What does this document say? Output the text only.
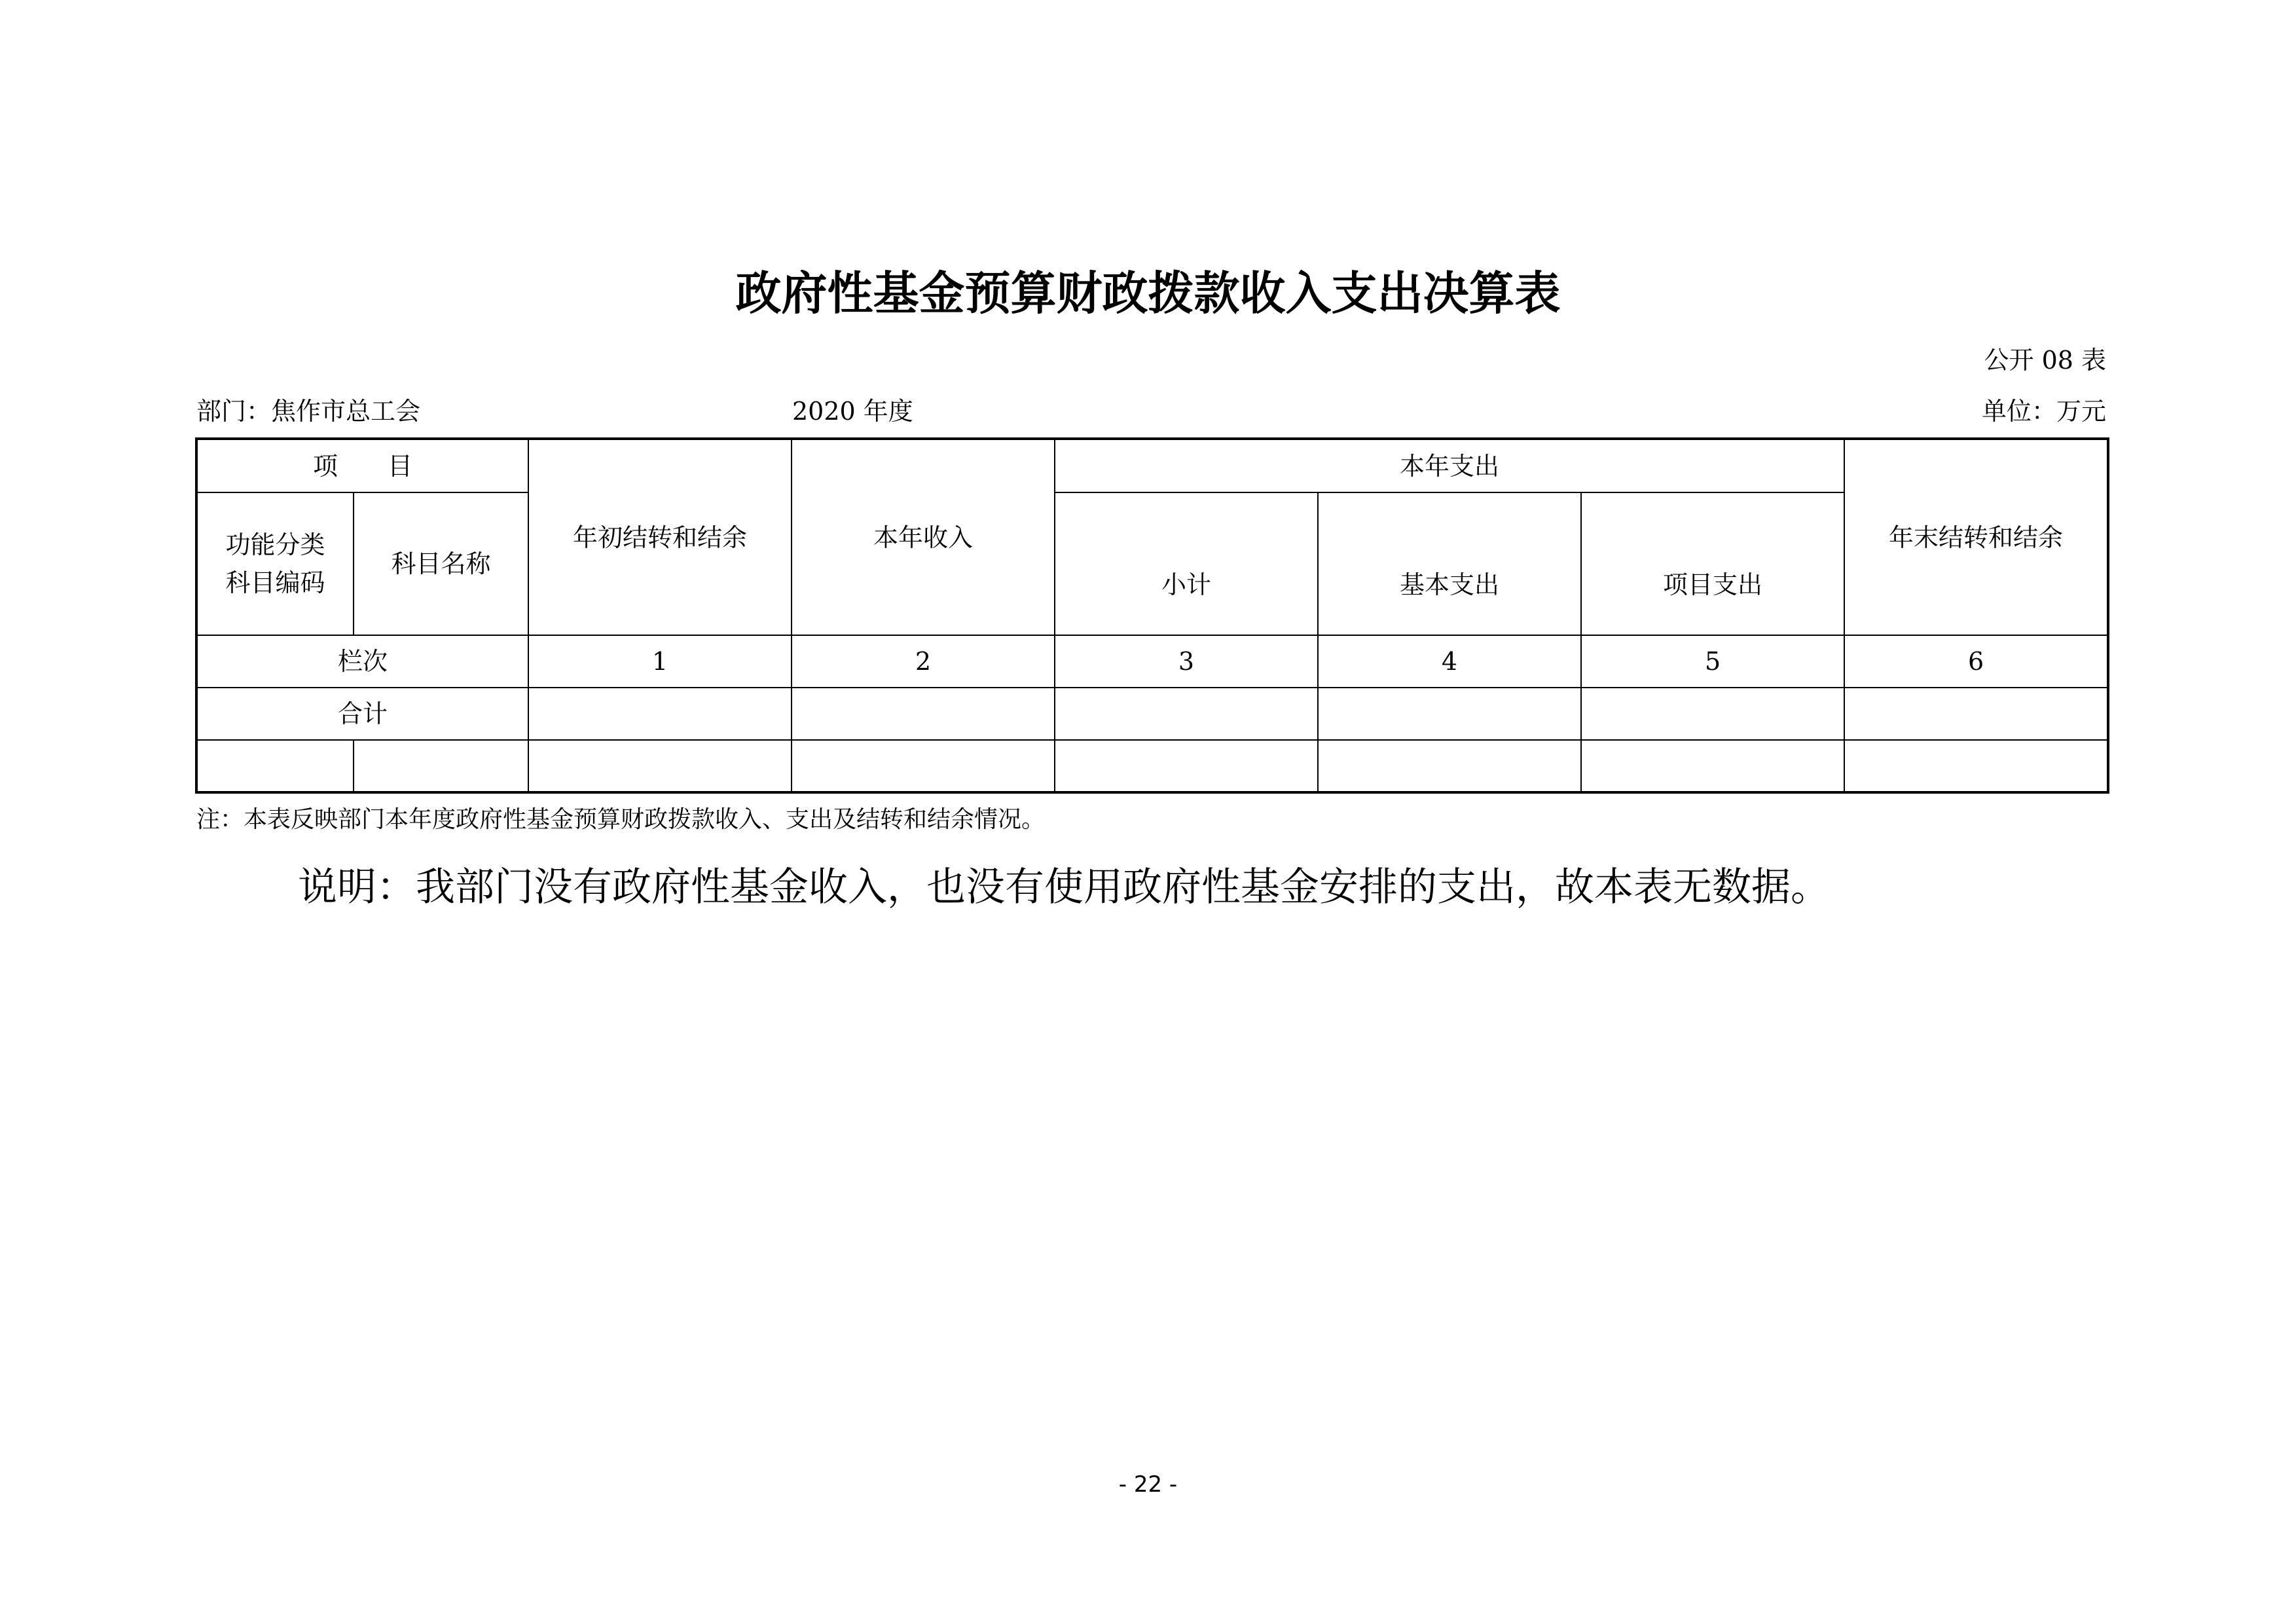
政府性基金预算财政拨款收入支出决算表
公开 08 表
部门：焦作市总工会	2020 年度	单位：万元
项　　目		年初结转和结余	本年收入	本年支出			年末结转和结余

功能分类
科目编码	科目名称			小计	基本支出	项目支出	
栏次		1	2	3	4	5	6
合计							

注：本表反映部门本年度政府性基金预算财政拨款收入、支出及结转和结余情况。
说明：我部门没有政府性基金收入，也没有使用政府性基金安排的支出，故本表无数据。
- 22 -
